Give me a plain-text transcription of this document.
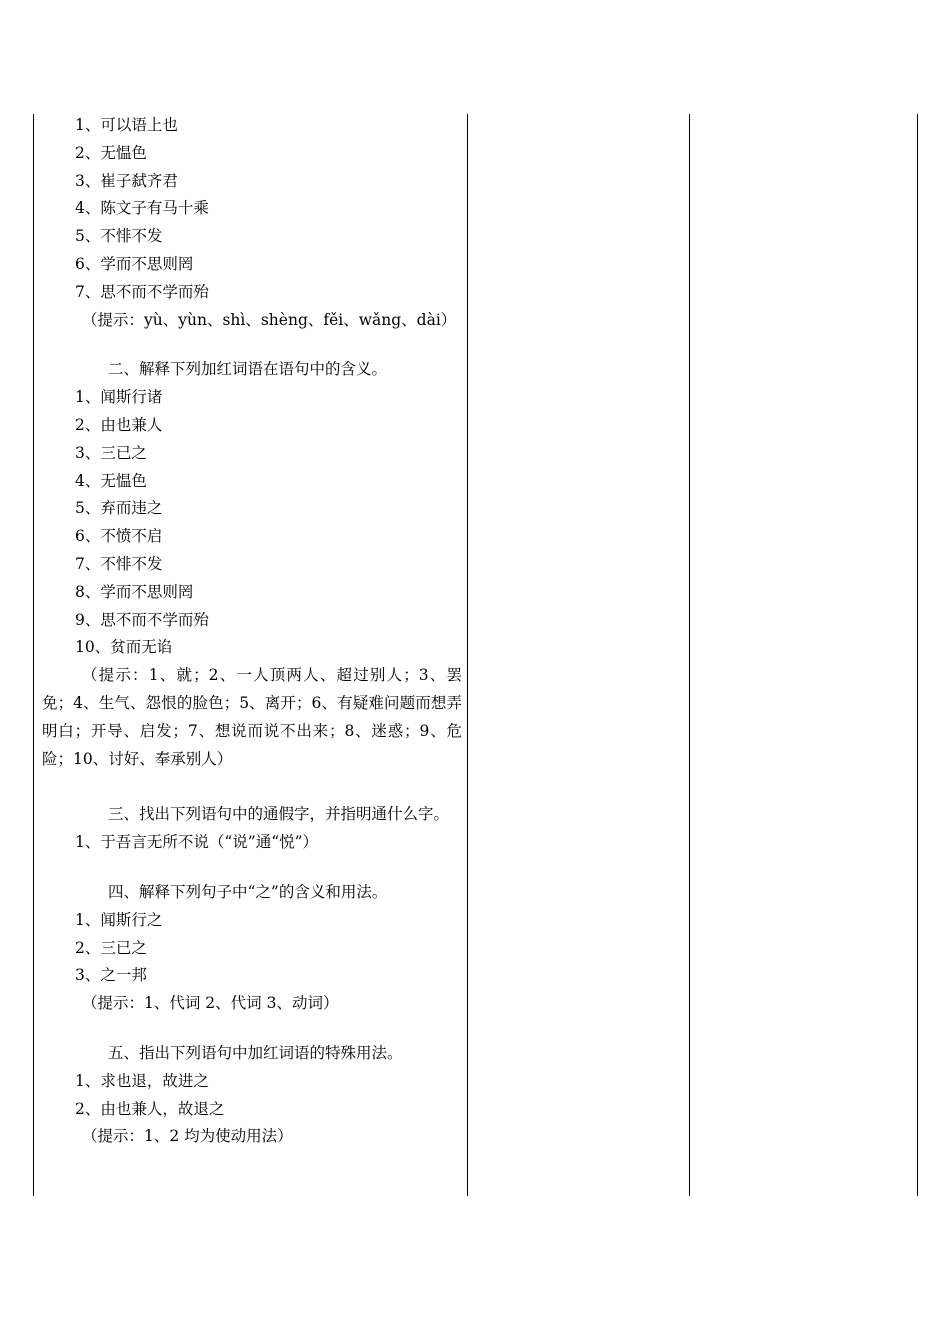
1、可以语上也
2、无愠色
3、崔子弑齐君
4、陈文子有马十乘
5、不悱不发
6、学而不思则罔
7、思不而不学而殆
（提示：yù、yùn、shì、shèng、fěi、wǎng、dài）
二、解释下列加红词语在语句中的含义。
1、闻斯行诸
2、由也兼人
3、三已之
4、无愠色
5、弃而违之
6、不愤不启
7、不悱不发
8、学而不思则罔
9、思不而不学而殆
10、贫而无谄
（提示：1、就；2、一人顶两人、超过别人；3、罢免；4、生气、怨恨的脸色；5、离开；6、有疑难问题而想弄明白；开导、启发；7、想说而说不出来；8、迷惑；9、危险；10、讨好、奉承别人）
三、找出下列语句中的通假字，并指明通什么字。
1、于吾言无所不说（“说”通“悦”）
四、解释下列句子中“之”的含义和用法。
1、闻斯行之
2、三已之
3、之一邦
（提示：1、代词 2、代词 3、动词）
五、指出下列语句中加红词语的特殊用法。
1、求也退，故进之
2、由也兼人，故退之
（提示：1、2 均为使动用法）
